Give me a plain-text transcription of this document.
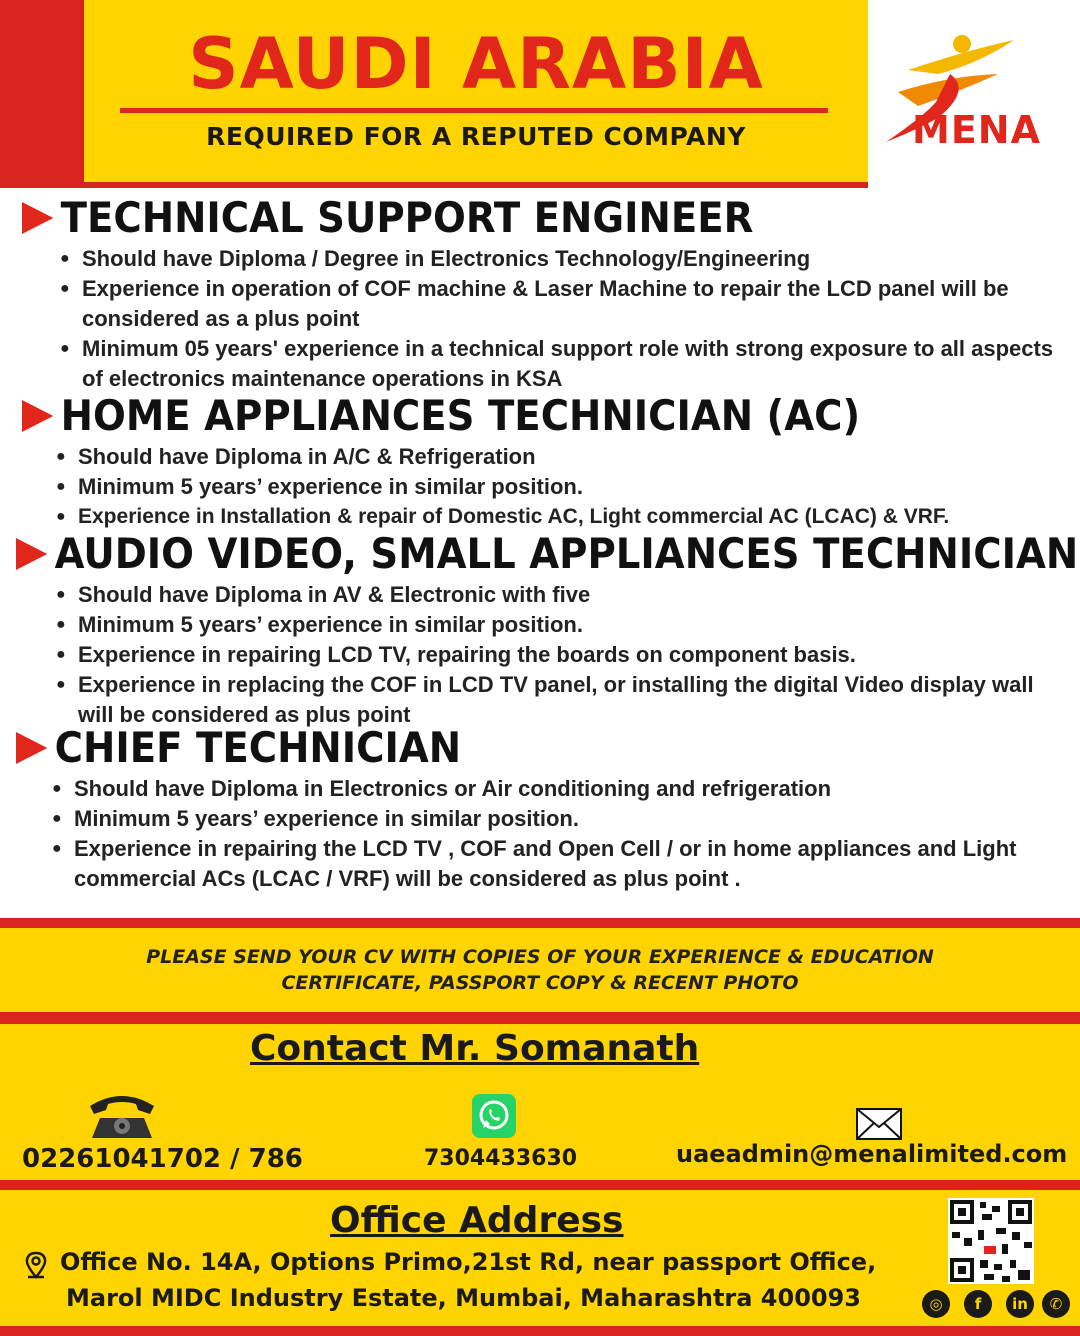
SAUDI ARABIA
REQUIRED FOR A REPUTED COMPANY	MENA
TECHNICAL SUPPORT ENGINEER
● Should have Diploma / Degree in Electronics Technology/Engineering
● Experience in operation of COF machine & Laser Machine to repair the LCD panel will be considered as a plus point
● Minimum 05 years' experience in a technical support role with strong exposure to all aspects of electronics maintenance operations in KSA
HOME APPLIANCES TECHNICIAN (AC)
● Should have Diploma in A/C & Refrigeration
● Minimum 5 years’ experience in similar position.
● Experience in Installation & repair of Domestic AC, Light commercial AC (LCAC) & VRF.
AUDIO VIDEO, SMALL APPLIANCES TECHNICIAN
● Should have Diploma in AV & Electronic with five
● Minimum 5 years’ experience in similar position.
● Experience in repairing LCD TV, repairing the boards on component basis.
● Experience in replacing the COF in LCD TV panel, or installing the digital Video display wall will be considered as plus point
CHIEF TECHNICIAN
● Should have Diploma in Electronics or Air conditioning and refrigeration
● Minimum 5 years’ experience in similar position.
● Experience in repairing the LCD TV , COF and Open Cell / or in home appliances and Light commercial ACs (LCAC / VRF) will be considered as plus point .
PLEASE SEND YOUR CV WITH COPIES OF YOUR EXPERIENCE & EDUCATION
CERTIFICATE, PASSPORT COPY & RECENT PHOTO
Contact Mr. Somanath
02261041702 / 786	7304433630	uaeadmin@menalimited.com
Office Address
Office No. 14A, Options Primo,21st Rd, near passport Office,
Marol MIDC Industry Estate, Mumbai, Maharashtra 400093	◎	f	in	✆
